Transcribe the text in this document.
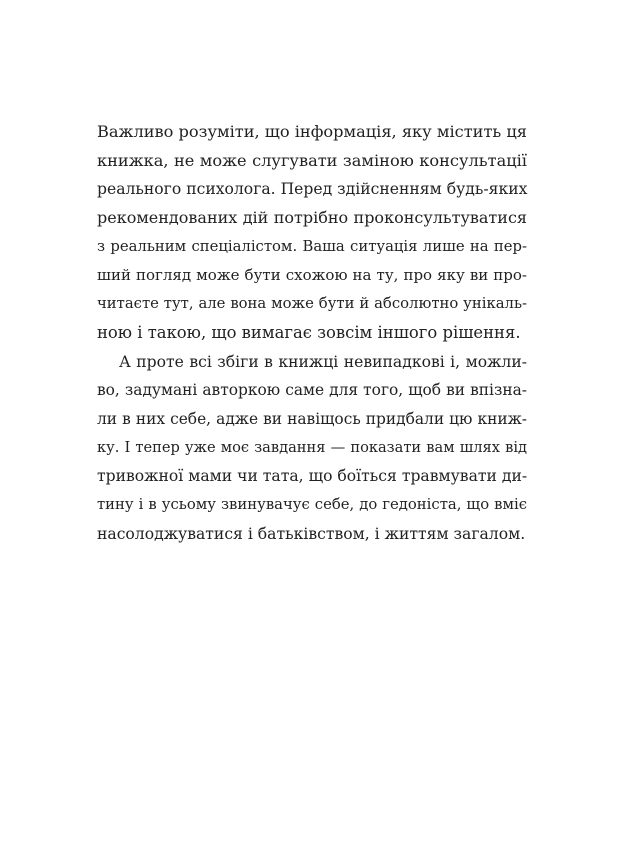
Важливо розуміти, що інформація, яку містить ця
книжка, не може слугувати заміною консультації
реального психолога. Перед здійсненням будь-яких
рекомендованих дій потрібно проконсультуватися
з реальним спеціалістом. Ваша ситуація лише на пер-
ший погляд може бути схожою на ту, про яку ви про-
читаєте тут, але вона може бути й абсолютно унікаль-
ною і такою, що вимагає зовсім іншого рішення.
А проте всі збіги в книжці невипадкові і, можли-
во, задумані авторкою саме для того, щоб ви впізна-
ли в них себе, адже ви навіщось придбали цю книж-
ку. І тепер уже моє завдання — показати вам шлях від
тривожної мами чи тата, що боїться травмувати ди-
тину і в усьому звинувачує себе, до гедоніста, що вміє
насолоджуватися і батьківством, і життям загалом.
